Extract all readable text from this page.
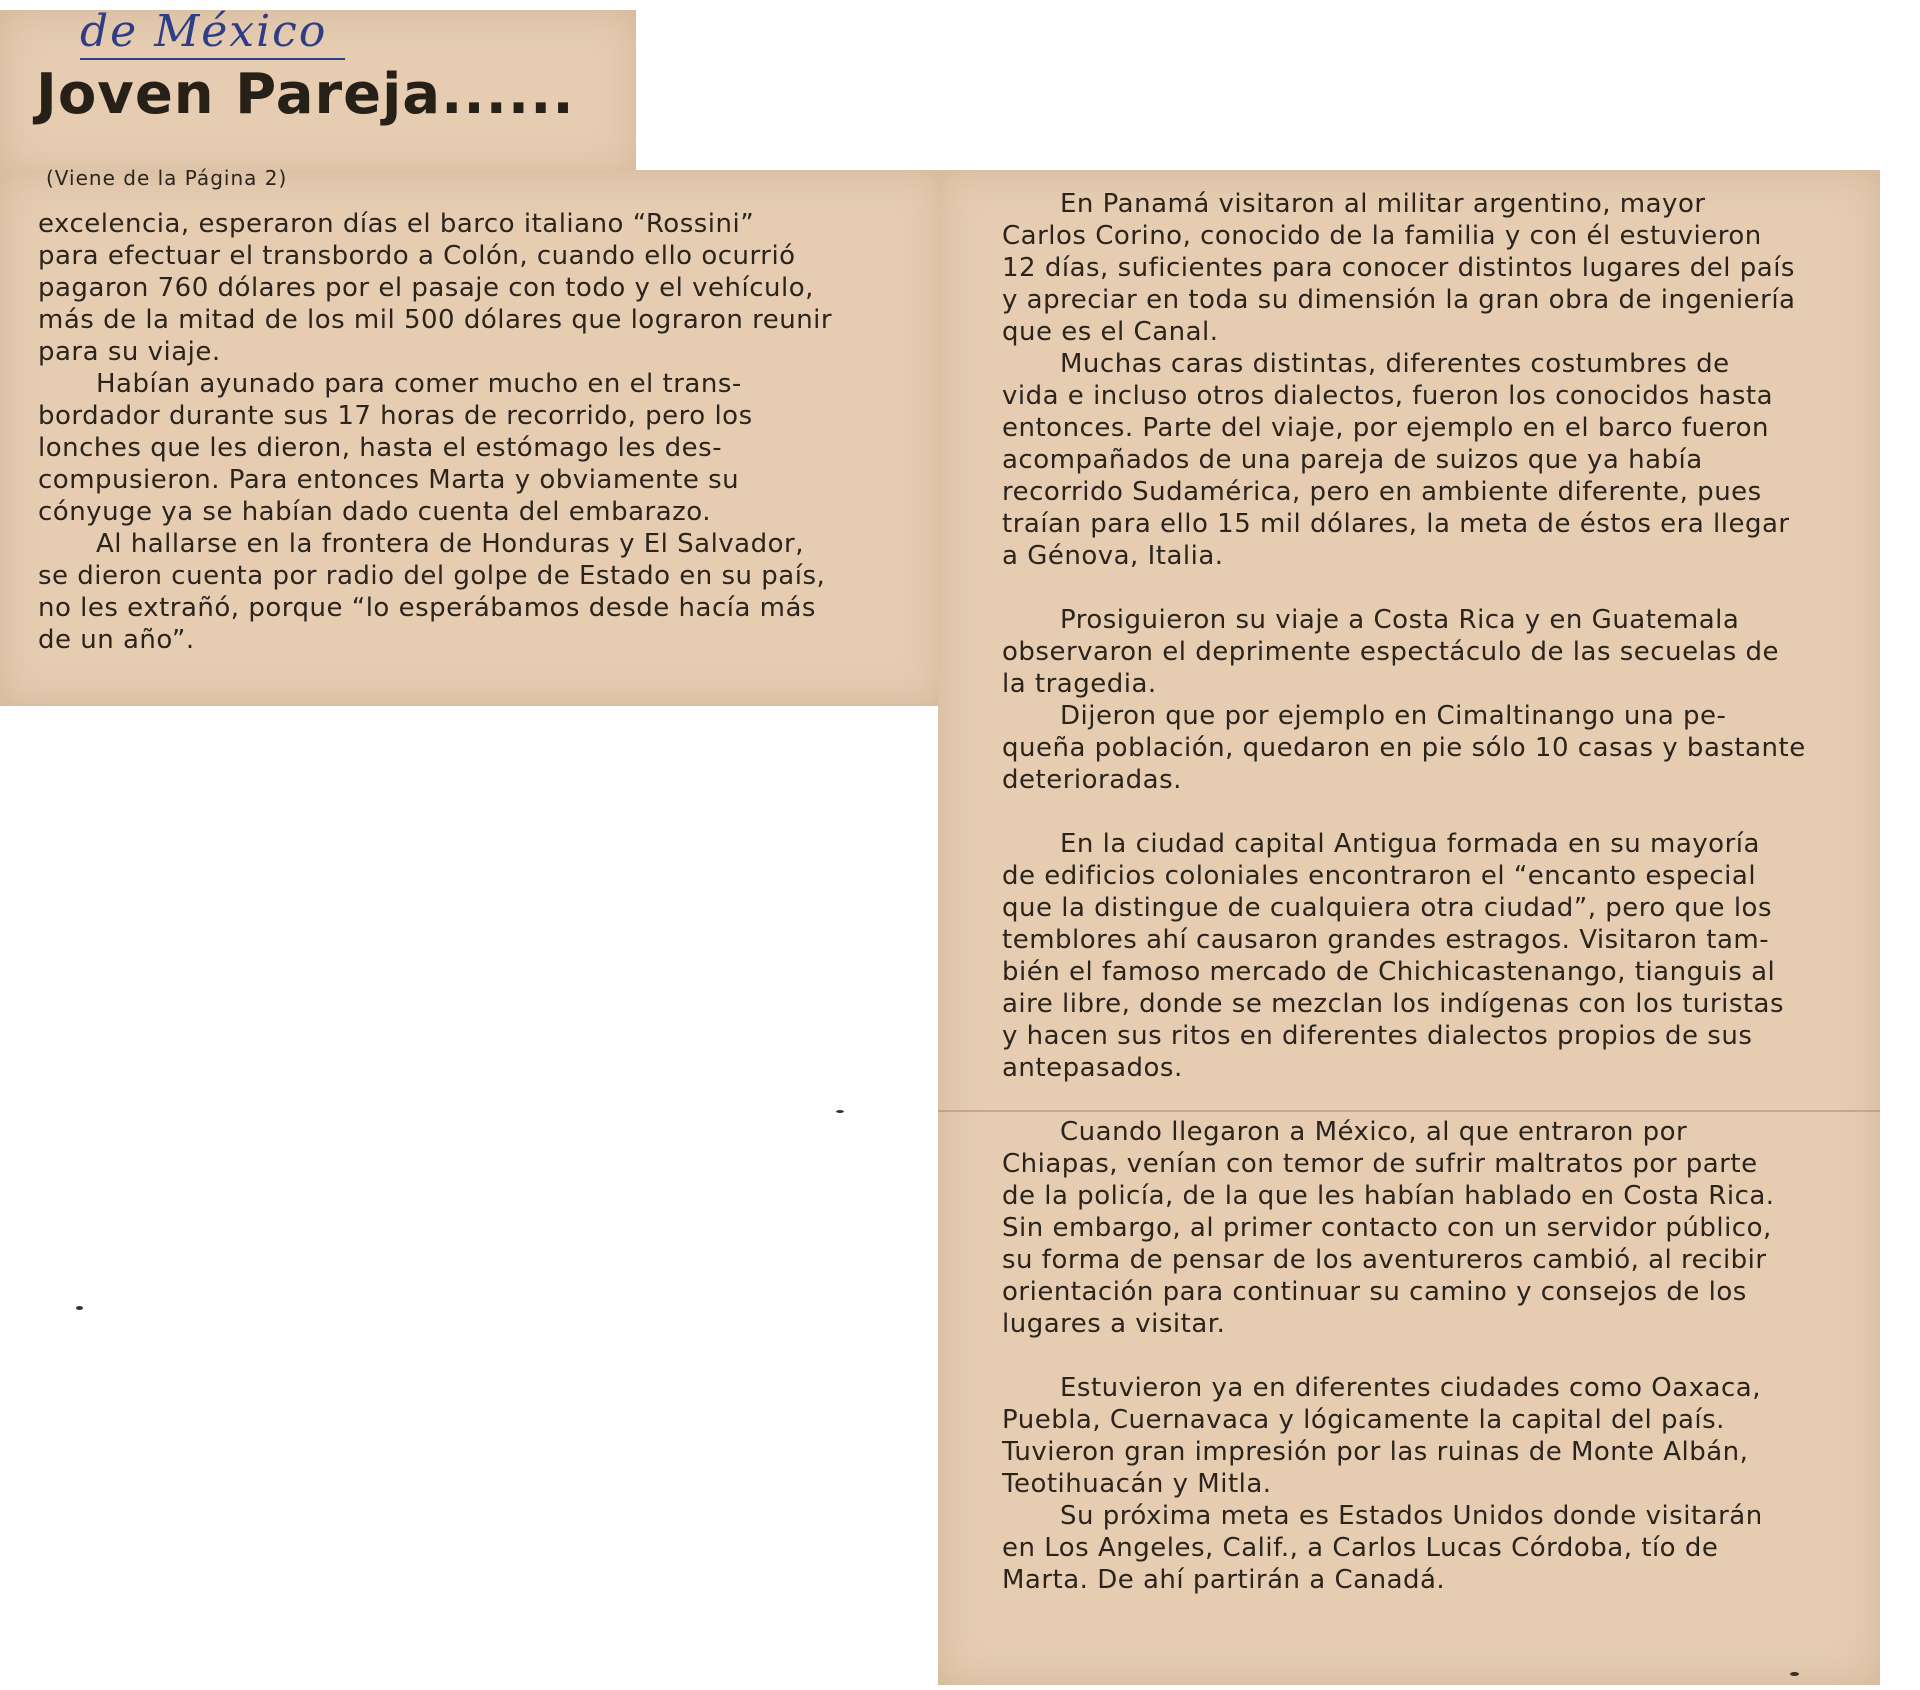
de México
Joven Pareja......
(Viene de la Página 2)
excelencia, esperaron días el barco italiano “Rossini”
para efectuar el transbordo a Colón, cuando ello ocurrió
pagaron 760 dólares por el pasaje con todo y el vehículo,
más de la mitad de los mil 500 dólares que lograron reunir
para su viaje.
Habían ayunado para comer mucho en el trans-
bordador durante sus 17 horas de recorrido, pero los
lonches que les dieron, hasta el estómago les des-
compusieron. Para entonces Marta y obviamente su
cónyuge ya se habían dado cuenta del embarazo.
Al hallarse en la frontera de Honduras y El Salvador,
se dieron cuenta por radio del golpe de Estado en su país,
no les extrañó, porque “lo esperábamos desde hacía más
de un año”.
En Panamá visitaron al militar argentino, mayor
Carlos Corino, conocido de la familia y con él estuvieron
12 días, suficientes para conocer distintos lugares del país
y apreciar en toda su dimensión la gran obra de ingeniería
que es el Canal.
Muchas caras distintas, diferentes costumbres de
vida e incluso otros dialectos, fueron los conocidos hasta
entonces. Parte del viaje, por ejemplo en el barco fueron
acompañados de una pareja de suizos que ya había
recorrido Sudamérica, pero en ambiente diferente, pues
traían para ello 15 mil dólares, la meta de éstos era llegar
a Génova, Italia.
Prosiguieron su viaje a Costa Rica y en Guatemala
observaron el deprimente espectáculo de las secuelas de
la tragedia.
Dijeron que por ejemplo en Cimaltinango una pe-
queña población, quedaron en pie sólo 10 casas y bastante
deterioradas.
En la ciudad capital Antigua formada en su mayoría
de edificios coloniales encontraron el “encanto especial
que la distingue de cualquiera otra ciudad”, pero que los
temblores ahí causaron grandes estragos. Visitaron tam-
bién el famoso mercado de Chichicastenango, tianguis al
aire libre, donde se mezclan los indígenas con los turistas
y hacen sus ritos en diferentes dialectos propios de sus
antepasados.
Cuando llegaron a México, al que entraron por
Chiapas, venían con temor de sufrir maltratos por parte
de la policía, de la que les habían hablado en Costa Rica.
Sin embargo, al primer contacto con un servidor público,
su forma de pensar de los aventureros cambió, al recibir
orientación para continuar su camino y consejos de los
lugares a visitar.
Estuvieron ya en diferentes ciudades como Oaxaca,
Puebla, Cuernavaca y lógicamente la capital del país.
Tuvieron gran impresión por las ruinas de Monte Albán,
Teotihuacán y Mitla.
Su próxima meta es Estados Unidos donde visitarán
en Los Angeles, Calif., a Carlos Lucas Córdoba, tío de
Marta. De ahí partirán a Canadá.
